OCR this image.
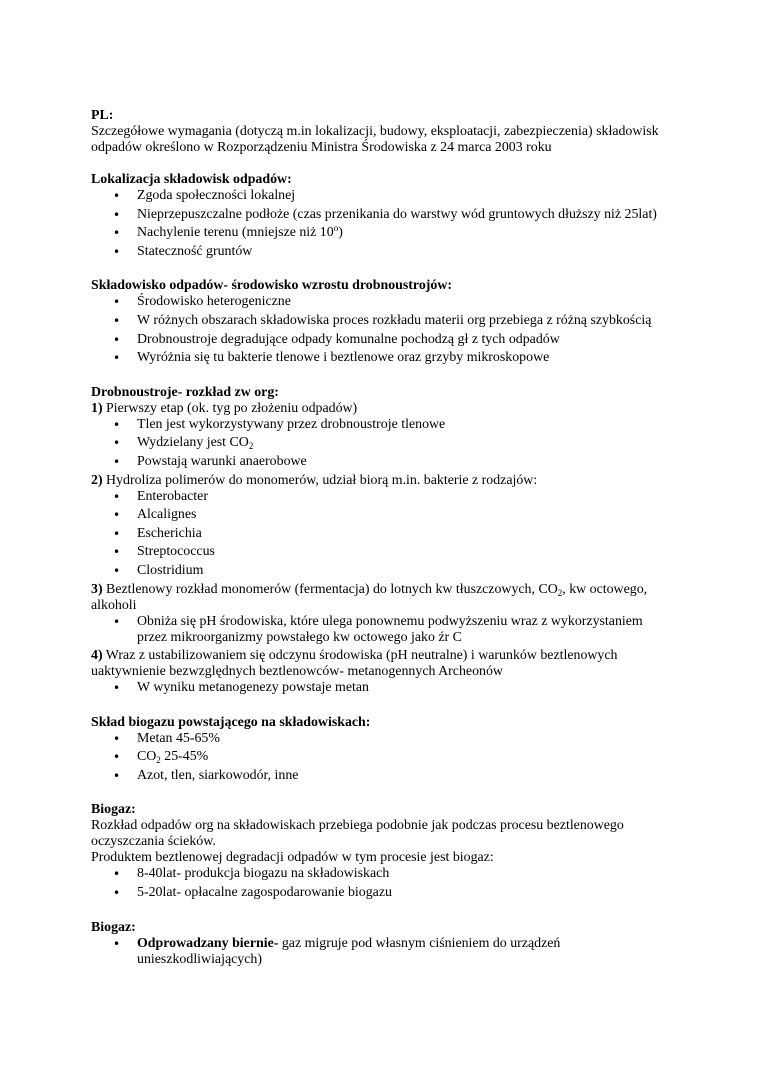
PL:

Szczegółowe wymagania (dotyczą m.in lokalizacji, budowy, eksploatacji, zabezpieczenia) składowisk odpadów określono w Rozporządzeniu Ministra Środowiska z 24 marca 2003 roku

Lokalizacja składowisk odpadów:

• Zgoda społeczności lokalnej
• Nieprzepuszczalne podłoże (czas przenikania do warstwy wód gruntowych dłuższy niż 25lat)
• Nachylenie terenu (mniejsze niż 10$^o$)
• Stateczność gruntów

Składowisko odpadów- środowisko wzrostu drobnoustrojów:

• Środowisko heterogeniczne
• W różnych obszarach składowiska proces rozkładu materii org przebiega z różną szybkością
• Drobnoustroje degradujące odpady komunalne pochodzą gł z tych odpadów
• Wyróżnia się tu bakterie tlenowe i beztlenowe oraz grzyby mikroskopowe

Drobnoustroje- rozkład zw org:

1) Pierwszy etap (ok. tyg po złożeniu odpadów)

• Tlen jest wykorzystywany przez drobnoustroje tlenowe
• Wydzielany jest $CO_2$
• Powstają warunki anaerobowe

2) Hydroliza polimerów do monomerów, udział biorą m.in. bakterie z rodzajów:

• Enterobacter
• Alcalignes
• Escherichia
• Streptococcus
• Clostridium

3) Beztlenowy rozkład monomerów (fermentacja) do lotnych kw tłuszczowych, $CO_2$, kw octowego, alkoholi

• Obniża się pH środowiska, które ulega ponownemu podwyższeniu wraz z wykorzystaniem przez mikroorganizmy powstałego kw octowego jako źr C

4) Wraz z ustabilizowaniem się odczynu środowiska (pH neutralne) i warunków beztlenowych uaktywnienie bezwzględnych beztlenowców- metanogennych Archeonów

• W wyniku metanogenezy powstaje metan

Skład biogazu powstającego na składowiskach:

• Metan 45-65%
• $CO_2$ 25-45%
• Azot, tlen, siarkowodór, inne

Biogaz:

Rozkład odpadów org na składowiskach przebiega podobnie jak podczas procesu beztlenowego oczyszczania ścieków.

Produktem beztlenowej degradacji odpadów w tym procesie jest biogaz:

• 8-40lat- produkcja biogazu na składowiskach
• 5-20lat- opłacalne zagospodarowanie biogazu

Biogaz:

• Odprowadzany biernie- gaz migruje pod własnym ciśnieniem do urządzeń unieszkodliwiających)
